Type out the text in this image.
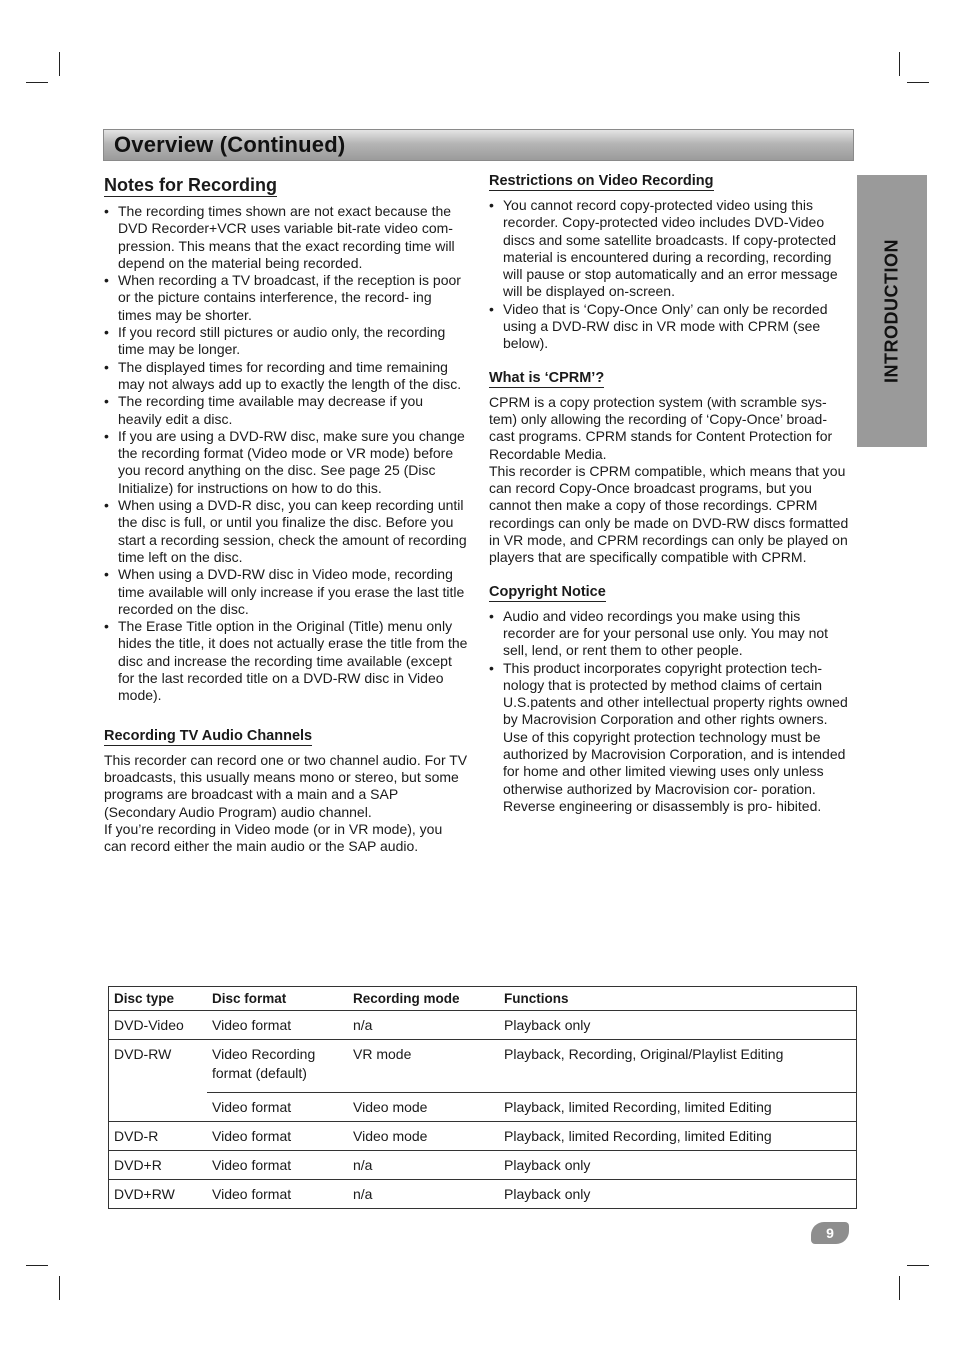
Overview (Continued)
INTRODUCTION
Notes for Recording
• The recording times shown are not exact because the DVD Recorder+VCR uses variable bit-rate video com- pression. This means that the exact recording time will depend on the material being recorded.
• When recording a TV broadcast, if the reception is poor or the picture contains interference, the record- ing times may be shorter.
• If you record still pictures or audio only, the recording time may be longer.
• The displayed times for recording and time remaining may not always add up to exactly the length of the disc.
• The recording time available may decrease if you heavily edit a disc.
• If you are using a DVD-RW disc, make sure you change the recording format (Video mode or VR mode) before you record anything on the disc. See page 25 (Disc Initialize) for instructions on how to do this.
• When using a DVD-R disc, you can keep recording until the disc is full, or until you finalize the disc. Before you start a recording session, check the amount of recording time left on the disc.
• When using a DVD-RW disc in Video mode, recording time available will only increase if you erase the last title recorded on the disc.
• The Erase Title option in the Original (Title) menu only hides the title, it does not actually erase the title from the disc and increase the recording time available (except for the last recorded title on a DVD-RW disc in Video mode).
Recording TV Audio Channels

This recorder can record one or two channel audio. For TV broadcasts, this usually means mono or stereo, but some programs are broadcast with a main and a SAP (Secondary Audio Program) audio channel.

If you’re recording in Video mode (or in VR mode), you can record either the main audio or the SAP audio.

Restrictions on Video Recording
• You cannot record copy-protected video using this recorder. Copy-protected video includes DVD-Video discs and some satellite broadcasts. If copy-protected material is encountered during a recording, recording will pause or stop automatically and an error message will be displayed on-screen.
• Video that is ‘Copy-Once Only’ can only be recorded using a DVD-RW disc in VR mode with CPRM (see below).
What is ‘CPRM’?

CPRM is a copy protection system (with scramble sys- tem) only allowing the recording of ‘Copy-Once’ broad- cast programs. CPRM stands for Content Protection for Recordable Media.

This recorder is CPRM compatible, which means that you can record Copy-Once broadcast programs, but you cannot then make a copy of those recordings. CPRM recordings can only be made on DVD-RW discs formatted in VR mode, and CPRM recordings can only be played on players that are specifically compatible with CPRM.

Copyright Notice
• Audio and video recordings you make using this recorder are for your personal use only. You may not sell, lend, or rent them to other people.
• This product incorporates copyright protection tech- nology that is protected by method claims of certain U.S.patents and other intellectual property rights owned by Macrovision Corporation and other rights owners. Use of this copyright protection technology must be authorized by Macrovision Corporation, and is intended for home and other limited viewing uses only unless otherwise authorized by Macrovision cor- poration. Reverse engineering or disassembly is pro- hibited.
Disc type	Disc format	Recording mode	Functions
DVD-Video	Video format	n/a	Playback only
DVD-RW	Video Recording format (default)	VR mode	Playback, Recording, Original/Playlist Editing
	Video format	Video mode	Playback, limited Recording, limited Editing
DVD-R	Video format	Video mode	Playback, limited Recording, limited Editing
DVD+R	Video format	n/a	Playback only
DVD+RW	Video format	n/a	Playback only
9
